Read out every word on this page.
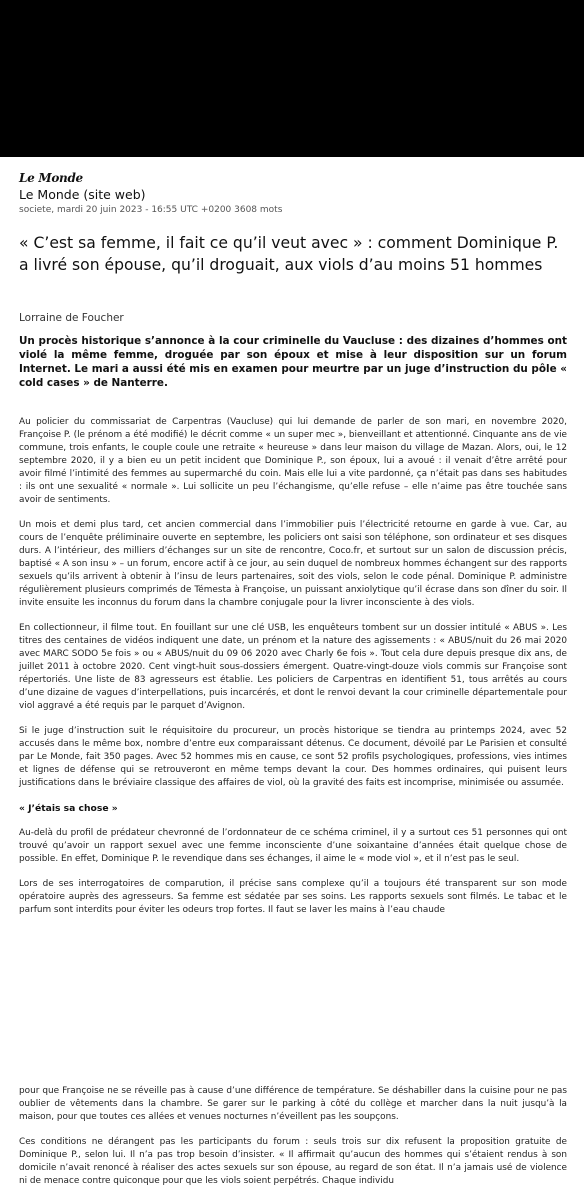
Le Monde
Le Monde (site web)
societe, mardi 20 juin 2023 - 16:55 UTC +0200 3608 mots
« C’est sa femme, il fait ce qu’il veut avec » : comment Dominique P. a livré son épouse, qu’il droguait, aux viols d’au moins 51 hommes
Lorraine de Foucher

Un procès historique s’annonce à la cour criminelle du Vaucluse : des dizaines d’hommes ont violé la même femme, droguée par son époux et mise à leur disposition sur un forum Internet. Le mari a aussi été mis en examen pour meurtre par un juge d’instruction du pôle « cold cases » de Nanterre.

Au policier du commissariat de Carpentras (Vaucluse) qui lui demande de parler de son mari, en novembre 2020, Françoise P. (le prénom a été modifié) le décrit comme « un super mec », bienveillant et attentionné. Cinquante ans de vie commune, trois enfants, le couple coule une retraite « heureuse » dans leur maison du village de Mazan. Alors, oui, le 12 septembre 2020, il y a bien eu un petit incident que Dominique P., son époux, lui a avoué : il venait d’être arrêté pour avoir filmé l’intimité des femmes au supermarché du coin. Mais elle lui a vite pardonné, ça n’était pas dans ses habitudes : ils ont une sexualité « normale ». Lui sollicite un peu l’échangisme, qu’elle refuse – elle n’aime pas être touchée sans avoir de sentiments.

Un mois et demi plus tard, cet ancien commercial dans l’immobilier puis l’électricité retourne en garde à vue. Car, au cours de l’enquête préliminaire ouverte en septembre, les policiers ont saisi son téléphone, son ordinateur et ses disques durs. A l’intérieur, des milliers d’échanges sur un site de rencontre, Coco.fr, et surtout sur un salon de discussion précis, baptisé « A son insu » – un forum, encore actif à ce jour, au sein duquel de nombreux hommes échangent sur des rapports sexuels qu’ils arrivent à obtenir à l’insu de leurs partenaires, soit des viols, selon le code pénal. Dominique P. administre régulièrement plusieurs comprimés de Témesta à Françoise, un puissant anxiolytique qu’il écrase dans son dîner du soir. Il invite ensuite les inconnus du forum dans la chambre conjugale pour la livrer inconsciente à des viols.

En collectionneur, il filme tout. En fouillant sur une clé USB, les enquêteurs tombent sur un dossier intitulé « ABUS ». Les titres des centaines de vidéos indiquent une date, un prénom et la nature des agissements : « ABUS/nuit du 26 mai 2020 avec MARC SODO 5e fois » ou « ABUS/nuit du 09 06 2020 avec Charly 6e fois ». Tout cela dure depuis presque dix ans, de juillet 2011 à octobre 2020. Cent vingt-huit sous-dossiers émergent. Quatre-vingt-douze viols commis sur Françoise sont répertoriés. Une liste de 83 agresseurs est établie. Les policiers de Carpentras en identifient 51, tous arrêtés au cours d’une dizaine de vagues d’interpellations, puis incarcérés, et dont le renvoi devant la cour criminelle départementale pour viol aggravé a été requis par le parquet d’Avignon.

Si le juge d’instruction suit le réquisitoire du procureur, un procès historique se tiendra au printemps 2024, avec 52 accusés dans le même box, nombre d’entre eux comparaissant détenus. Ce document, dévoilé par Le Parisien et consulté par Le Monde, fait 350 pages. Avec 52 hommes mis en cause, ce sont 52 profils psychologiques, professions, vies intimes et lignes de défense qui se retrouveront en même temps devant la cour. Des hommes ordinaires, qui puisent leurs justifications dans le bréviaire classique des affaires de viol, où la gravité des faits est incomprise, minimisée ou assumée.

« J’étais sa chose »

Au-delà du profil de prédateur chevronné de l’ordonnateur de ce schéma criminel, il y a surtout ces 51 personnes qui ont trouvé qu’avoir un rapport sexuel avec une femme inconsciente d’une soixantaine d’années était quelque chose de possible. En effet, Dominique P. le revendique dans ses échanges, il aime le « mode viol », et il n’est pas le seul.

Lors de ses interrogatoires de comparution, il précise sans complexe qu’il a toujours été transparent sur son mode opératoire auprès des agresseurs. Sa femme est sédatée par ses soins. Les rapports sexuels sont filmés. Le tabac et le parfum sont interdits pour éviter les odeurs trop fortes. Il faut se laver les mains à l’eau chaude

pour que Françoise ne se réveille pas à cause d’une différence de température. Se déshabiller dans la cuisine pour ne pas oublier de vêtements dans la chambre. Se garer sur le parking à côté du collège et marcher dans la nuit jusqu’à la maison, pour que toutes ces allées et venues nocturnes n’éveillent pas les soupçons.

Ces conditions ne dérangent pas les participants du forum : seuls trois sur dix refusent la proposition gratuite de Dominique P., selon lui. Il n’a pas trop besoin d’insister. « Il affirmait qu’aucun des hommes qui s’étaient rendus à son domicile n’avait renoncé à réaliser des actes sexuels sur son épouse, au regard de son état. Il n’a jamais usé de violence ni de menace contre quiconque pour que les viols soient perpétrés. Chaque individu
